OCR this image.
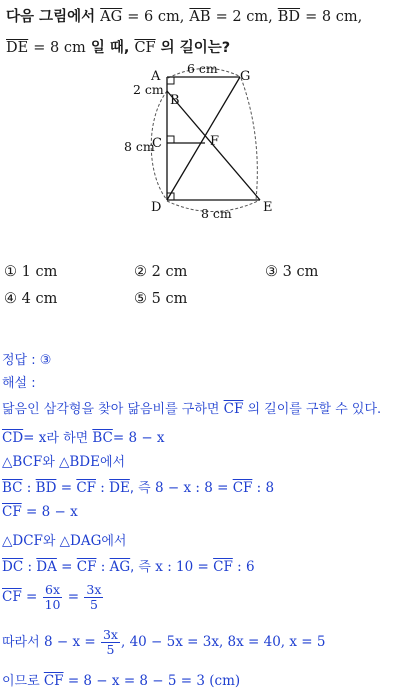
다음 그림에서 $\overline{AG} = 6$ cm, $\overline{AB} = 2$ cm, $\overline{BD} = 8$ cm,
$\overline{DE} = 8$ cm 일 때, $\overline{CF}$ 의 길이는?
A
B
C
D	E
F
G
6 cm
2 cm
8 cm
8 cm
① 1 cm	② 2 cm	③ 3 cm
④ 4 cm	⑤ 5 cm
정답 : ③
해설 :
닮음인 삼각형을 찾아 닮음비를 구하면 $\overline{CF}$ 의 길이를 구할 수 있다.
$\overline{CD}= x$라 하면 $\overline{BC}= 8 - x$
△BCF와 △BDE에서
$\overline{BC}$ : $\overline{BD} = \overline{CF}$ : $\overline{DE}$, 즉 8 − x : $8 = \overline{CF}$ : 8
$\overline{CF} = 8 - x$
△DCF와 △DAG에서
$\overline{DC}$ : $\overline{DA} = \overline{CF}$ : $\overline{AG}$, 즉 x : $10 = \overline{CF}$ : 6
$\overline{CF} = \frac{6x}{10} = \frac{3x}{5}$
따라서 $8 - x = \frac{3x}{5}$ , 40 − 5x = 3x, 8x = 40, x = 5
이므로 $\overline{CF} = 8 - x = 8 - 5 = 3$ (cm)
